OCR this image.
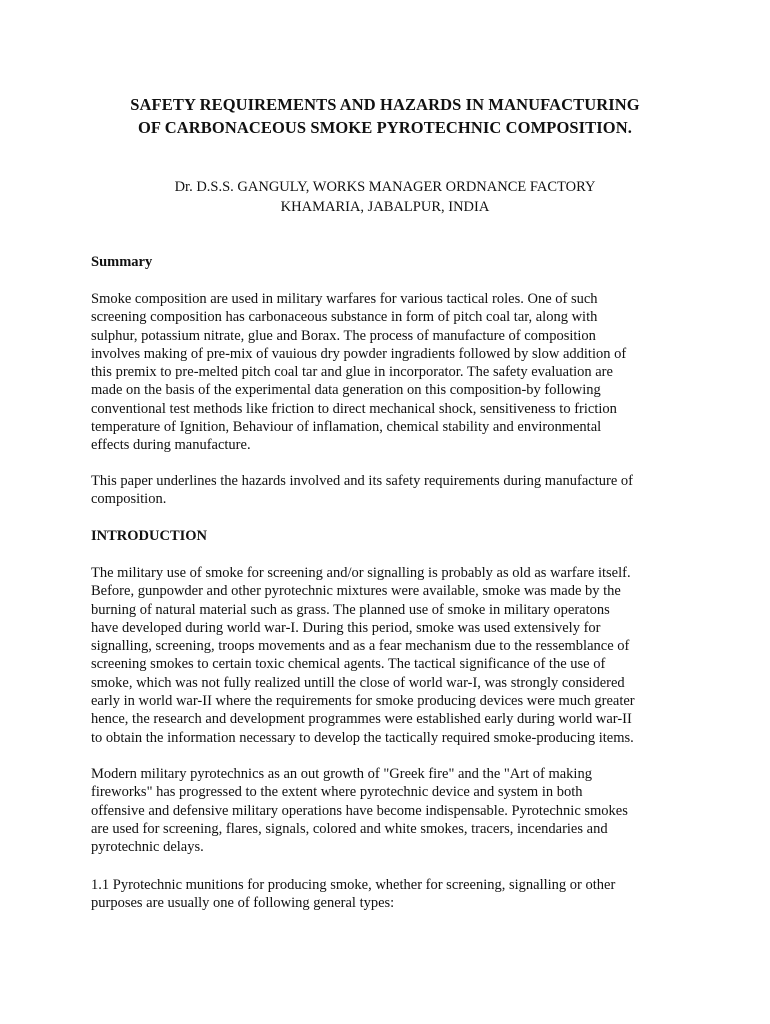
SAFETY REQUIREMENTS AND HAZARDS IN MANUFACTURING
OF CARBONACEOUS SMOKE PYROTECHNIC COMPOSITION.

Dr. D.S.S. GANGULY, WORKS MANAGER ORDNANCE FACTORY
KHAMARIA, JABALPUR, INDIA

Summary

Smoke composition are used in military warfares for various tactical roles. One of such
screening composition has carbonaceous substance in form of pitch coal tar, along with
sulphur, potassium nitrate, glue and Borax. The process of manufacture of composition
involves making of pre-mix of vauious dry powder ingradients followed by slow addition of
this premix to pre-melted pitch coal tar and glue in incorporator. The safety evaluation are
made on the basis of the experimental data generation on this composition-by following
conventional test methods like friction to direct mechanical shock, sensitiveness to friction
temperature of Ignition, Behaviour of inflamation, chemical stability and environmental
effects during manufacture.

This paper underlines the hazards involved and its safety requirements during manufacture of
composition.

INTRODUCTION

The military use of smoke for screening and/or signalling is probably as old as warfare itself.
Before, gunpowder and other pyrotechnic mixtures were available, smoke was made by the
burning of natural material such as grass. The planned use of smoke in military operatons
have developed during world war-I. During this period, smoke was used extensively for
signalling, screening, troops movements and as a fear mechanism due to the ressemblance of
screening smokes to certain toxic chemical agents. The tactical significance of the use of
smoke, which was not fully realized untill the close of world war-I, was strongly considered
early in world war-II where the requirements for smoke producing devices were much greater
hence, the research and development programmes were established early during world war-II
to obtain the information necessary to develop the tactically required smoke-producing items.

Modern military pyrotechnics as an out growth of "Greek fire" and the "Art of making
fireworks" has progressed to the extent where pyrotechnic device and system in both
offensive and defensive military operations have become indispensable. Pyrotechnic smokes
are used for screening, flares, signals, colored and white smokes, tracers, incendaries and
pyrotechnic delays.

1.1 Pyrotechnic munitions for producing smoke, whether for screening, signalling or other
purposes are usually one of following general types:
